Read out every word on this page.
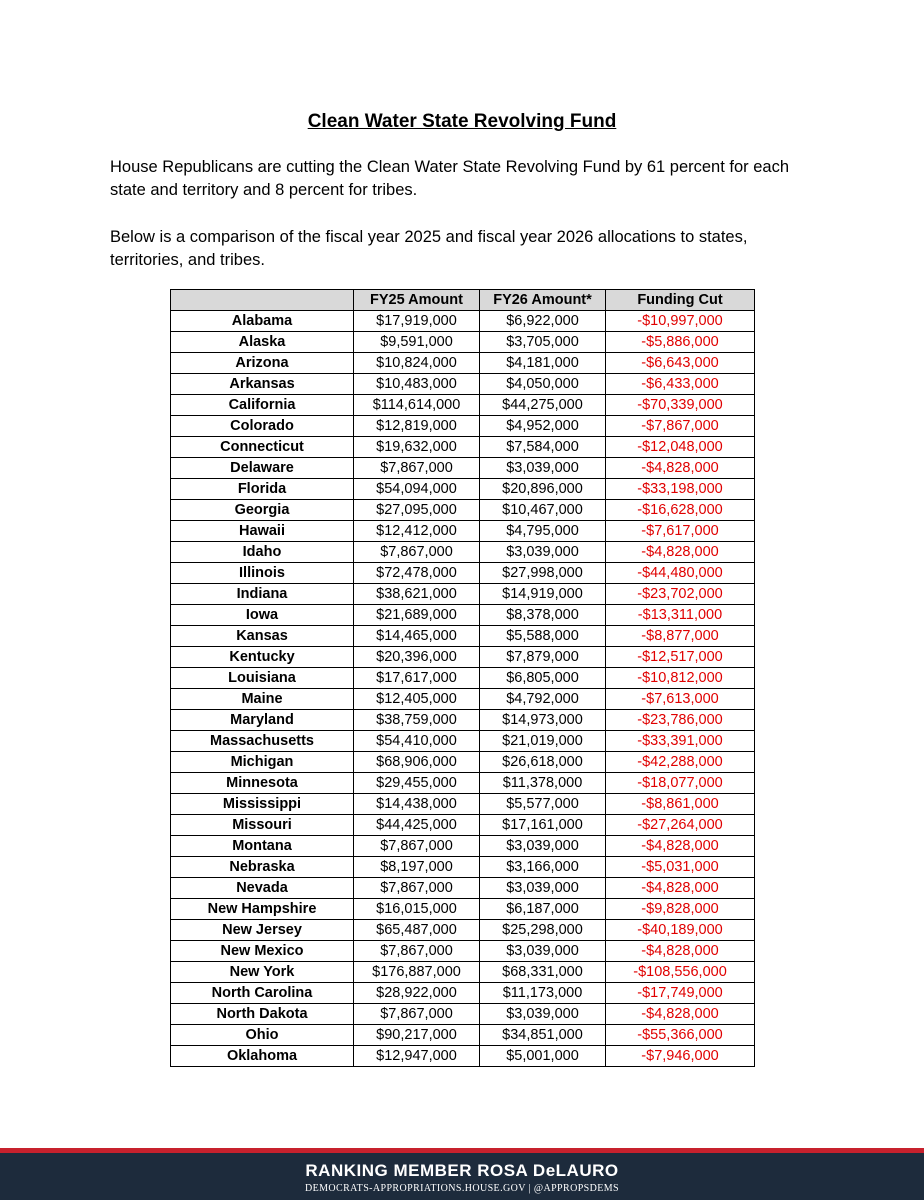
Clean Water State Revolving Fund

House Republicans are cutting the Clean Water State Revolving Fund by 61 percent for each state and territory and 8 percent for tribes.

Below is a comparison of the fiscal year 2025 and fiscal year 2026 allocations to states, territories, and tribes.

	FY25 Amount	FY26 Amount*	Funding Cut
Alabama	$17,919,000	$6,922,000	-$10,997,000
Alaska	$9,591,000	$3,705,000	-$5,886,000
Arizona	$10,824,000	$4,181,000	-$6,643,000
Arkansas	$10,483,000	$4,050,000	-$6,433,000
California	$114,614,000	$44,275,000	-$70,339,000
Colorado	$12,819,000	$4,952,000	-$7,867,000
Connecticut	$19,632,000	$7,584,000	-$12,048,000
Delaware	$7,867,000	$3,039,000	-$4,828,000
Florida	$54,094,000	$20,896,000	-$33,198,000
Georgia	$27,095,000	$10,467,000	-$16,628,000
Hawaii	$12,412,000	$4,795,000	-$7,617,000
Idaho	$7,867,000	$3,039,000	-$4,828,000
Illinois	$72,478,000	$27,998,000	-$44,480,000
Indiana	$38,621,000	$14,919,000	-$23,702,000
Iowa	$21,689,000	$8,378,000	-$13,311,000
Kansas	$14,465,000	$5,588,000	-$8,877,000
Kentucky	$20,396,000	$7,879,000	-$12,517,000
Louisiana	$17,617,000	$6,805,000	-$10,812,000
Maine	$12,405,000	$4,792,000	-$7,613,000
Maryland	$38,759,000	$14,973,000	-$23,786,000
Massachusetts	$54,410,000	$21,019,000	-$33,391,000
Michigan	$68,906,000	$26,618,000	-$42,288,000
Minnesota	$29,455,000	$11,378,000	-$18,077,000
Mississippi	$14,438,000	$5,577,000	-$8,861,000
Missouri	$44,425,000	$17,161,000	-$27,264,000
Montana	$7,867,000	$3,039,000	-$4,828,000
Nebraska	$8,197,000	$3,166,000	-$5,031,000
Nevada	$7,867,000	$3,039,000	-$4,828,000
New Hampshire	$16,015,000	$6,187,000	-$9,828,000
New Jersey	$65,487,000	$25,298,000	-$40,189,000
New Mexico	$7,867,000	$3,039,000	-$4,828,000
New York	$176,887,000	$68,331,000	-$108,556,000
North Carolina	$28,922,000	$11,173,000	-$17,749,000
North Dakota	$7,867,000	$3,039,000	-$4,828,000
Ohio	$90,217,000	$34,851,000	-$55,366,000
Oklahoma	$12,947,000	$5,001,000	-$7,946,000
RANKING MEMBER ROSA DeLAURO
DEMOCRATS-APPROPRIATIONS.HOUSE.GOV | @APPROPSDEMS
